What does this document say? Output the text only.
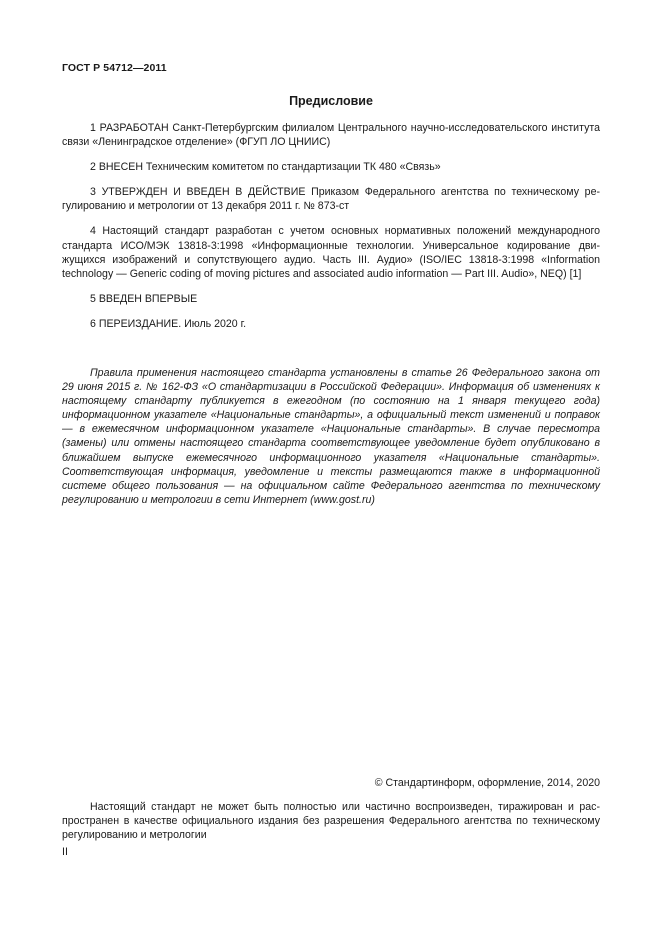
ГОСТ Р 54712—2011
Предисловие

1 РАЗРАБОТАН Санкт-Петербургским филиалом Центрального научно-исследовательского института связи «Ленинградское отделение» (ФГУП ЛО ЦНИИС)

2 ВНЕСЕН Техническим комитетом по стандартизации ТК 480 «Связь»

3 УТВЕРЖДЕН И ВВЕДЕН В ДЕЙСТВИЕ Приказом Федерального агентства по техническому регулированию и метрологии от 13 декабря 2011 г. № 873-ст

4 Настоящий стандарт разработан с учетом основных нормативных положений международного стандарта ИСО/МЭК 13818-3:1998 «Информационные технологии. Универсальное кодирование движущихся изображений и сопутствующего аудио. Часть III. Аудио» (ISO/IEC 13818-3:1998 «Information technology — Generic coding of moving pictures and associated audio information — Part III. Audio», NEQ) [1]

5 ВВЕДЕН ВПЕРВЫЕ

6 ПЕРЕИЗДАНИЕ. Июль 2020 г.

Правила применения настоящего стандарта установлены в статье 26 Федерального закона от 29 июня 2015 г. № 162-ФЗ «О стандартизации в Российской Федерации». Информация об изменениях к настоящему стандарту публикуется в ежегодном (по состоянию на 1 января текущего года) информационном указателе «Национальные стандарты», а официальный текст изменений и поправок — в ежемесячном информационном указателе «Национальные стандарты». В случае пересмотра (замены) или отмены настоящего стандарта соответствующее уведомление будет опубликовано в ближайшем выпуске ежемесячного информационного указателя «Национальные стандарты». Соответствующая информация, уведомление и тексты размещаются также в информационной системе общего пользования — на официальном сайте Федерального агентства по техническому регулированию и метрологии в сети Интернет (www.gost.ru)

© Стандартинформ, оформление, 2014, 2020

Настоящий стандарт не может быть полностью или частично воспроизведен, тиражирован и распространен в качестве официального издания без разрешения Федерального агентства по техническому регулированию и метрологии

II
